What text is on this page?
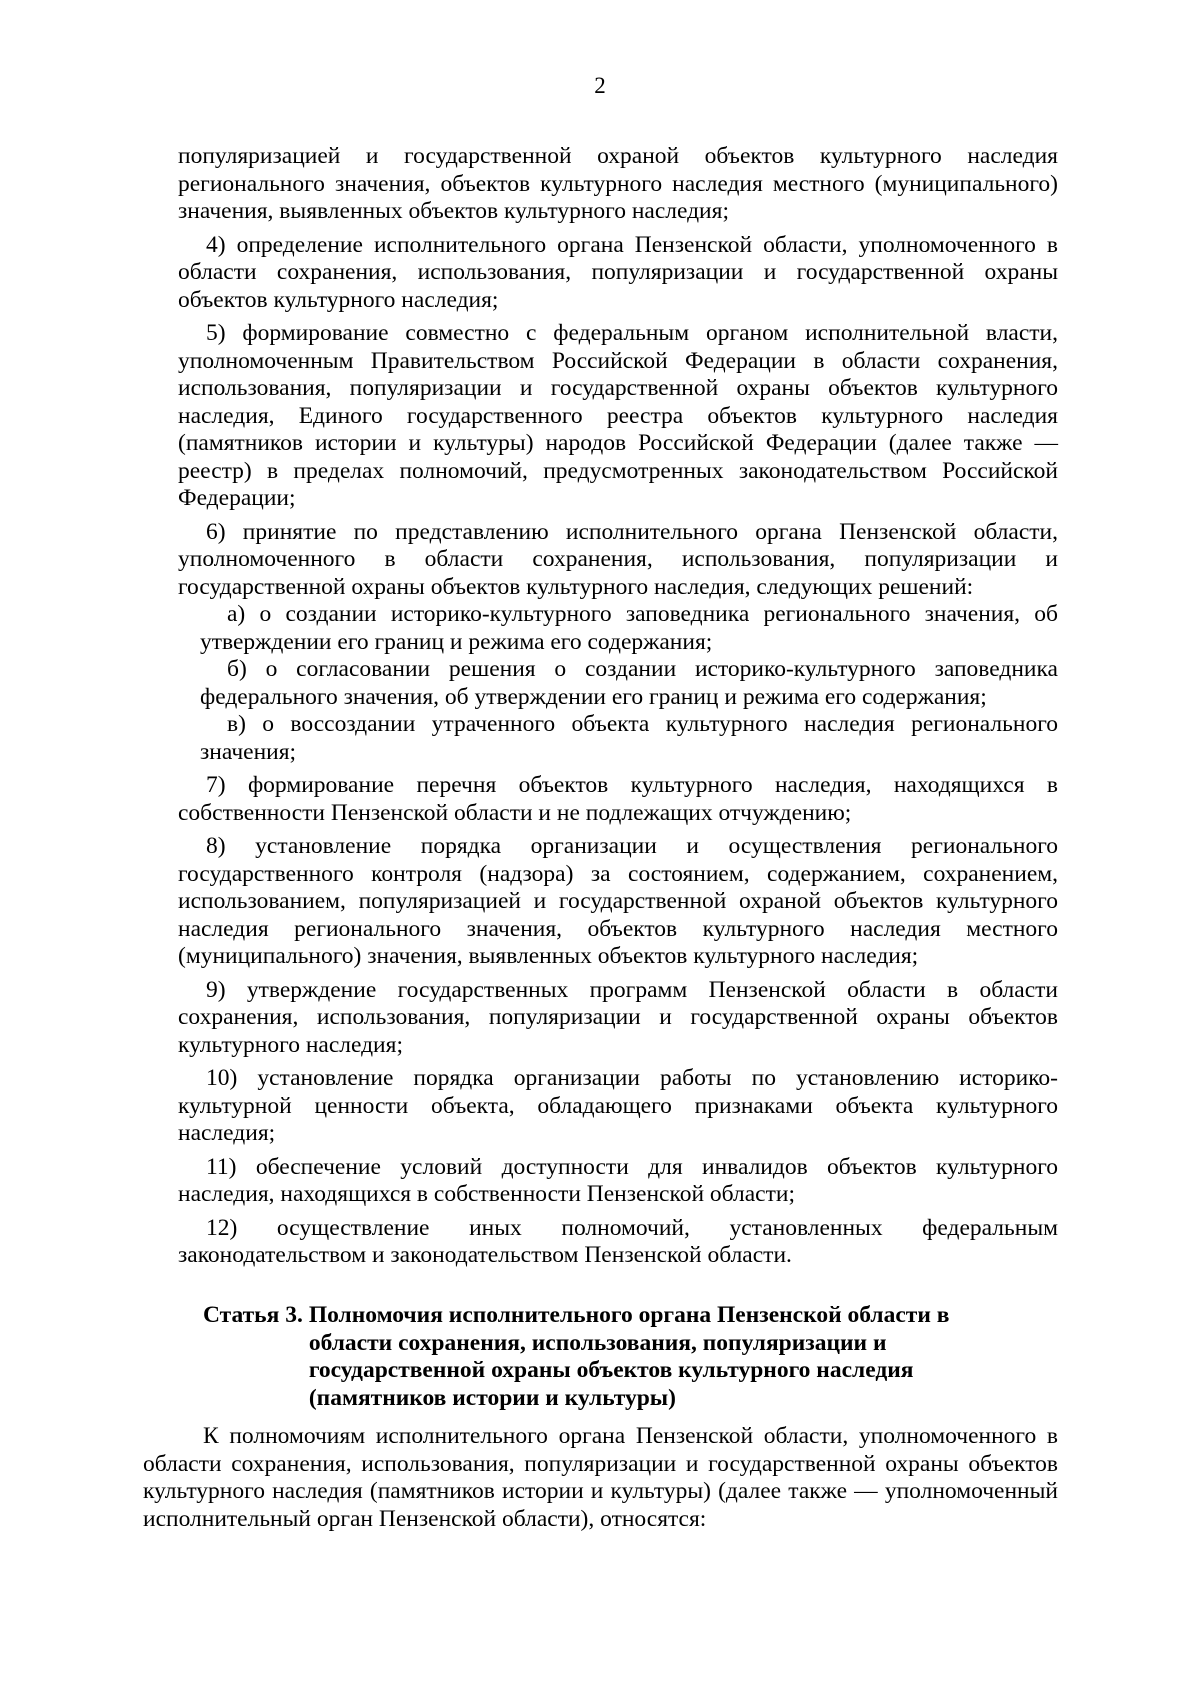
2

популяризацией и государственной охраной объектов культурного наследия регионального значения, объектов культурного наследия местного (муниципального) значения, выявленных объектов культурного наследия;

4) определение исполнительного органа Пензенской области, уполномоченного в области сохранения, использования, популяризации и государственной охраны объектов культурного наследия;

5) формирование совместно с федеральным органом исполнительной власти, уполномоченным Правительством Российской Федерации в области сохранения, использования, популяризации и государственной охраны объектов культурного наследия, Единого государственного реестра объектов культурного наследия (памятников истории и культуры) народов Российской Федерации (далее также — реестр) в пределах полномочий, предусмотренных законодательством Российской Федерации;

6) принятие по представлению исполнительного органа Пензенской области, уполномоченного в области сохранения, использования, популяризации и государственной охраны объектов культурного наследия, следующих решений:

а) о создании историко-культурного заповедника регионального значения, об утверждении его границ и режима его содержания;

б) о согласовании решения о создании историко-культурного заповедника федерального значения, об утверждении его границ и режима его содержания;

в) о воссоздании утраченного объекта культурного наследия регионального значения;

7) формирование перечня объектов культурного наследия, находящихся в собственности Пензенской области и не подлежащих отчуждению;

8) установление порядка организации и осуществления регионального государственного контроля (надзора) за состоянием, содержанием, сохранением, использованием, популяризацией и государственной охраной объектов культурного наследия регионального значения, объектов культурного наследия местного (муниципального) значения, выявленных объектов культурного наследия;

9) утверждение государственных программ Пензенской области в области сохранения, использования, популяризации и государственной охраны объектов культурного наследия;

10) установление порядка организации работы по установлению историко-культурной ценности объекта, обладающего признаками объекта культурного наследия;

11) обеспечение условий доступности для инвалидов объектов культурного наследия, находящихся в собственности Пензенской области;

12) осуществление иных полномочий, установленных федеральным законодательством и законодательством Пензенской области.

Статья 3. Полномочия исполнительного органа Пензенской области в области сохранения, использования, популяризации и государственной охраны объектов культурного наследия (памятников истории и культуры)

К полномочиям исполнительного органа Пензенской области, уполномоченного в области сохранения, использования, популяризации и государственной охраны объектов культурного наследия (памятников истории и культуры) (далее также — уполномоченный исполнительный орган Пензенской области), относятся:
